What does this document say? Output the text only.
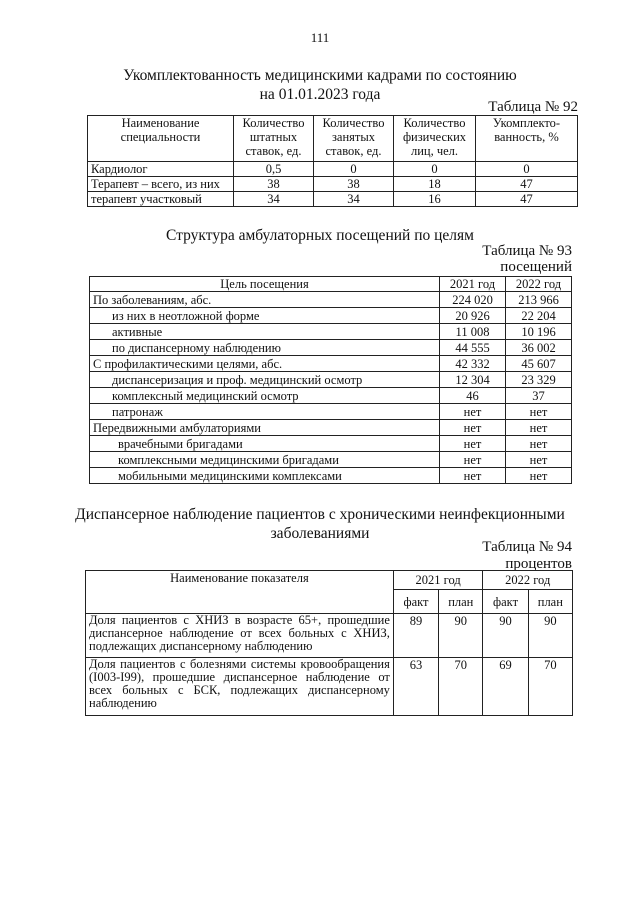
111
Укомплектованность медицинскими кадрами по состоянию
на 01.01.2023 года
Таблица № 92
Наименование специальности	Количество штатных ставок, ед.	Количество занятых ставок, ед.	Количество физических лиц, чел.	Укомплекто-ванность, %
Кардиолог	0,5	0	0	0
Терапевт – всего, из них	38	38	18	47
терапевт участковый	34	34	16	47
Структура амбулаторных посещений по целям
Таблица № 93
посещений
Цель посещения	2021 год	2022 год
По заболеваниям, абс.	224 020	213 966
из них в неотложной форме	20 926	22 204
активные	11 008	10 196
по диспансерному наблюдению	44 555	36 002
С профилактическими целями, абс.	42 332	45 607
диспансеризация и проф. медицинский осмотр	12 304	23 329
комплексный медицинский осмотр	46	37
патронаж	нет	нет
Передвижными амбулаториями	нет	нет
врачебными бригадами	нет	нет
комплексными медицинскими бригадами	нет	нет
мобильными медицинскими комплексами	нет	нет
Диспансерное наблюдение пациентов с хроническими неинфекционными
заболеваниями
Таблица № 94
процентов
Наименование показателя	2021 год		2022 год	
	факт	план	факт	план
Доля пациентов с ХНИЗ в возрасте 65+, прошедшие диспансерное наблюдение от всех больных с ХНИЗ, подлежащих диспансерному наблюдению	89	90	90	90
Доля пациентов с болезнями системы кровообращения (I003-I99), прошедшие диспансерное наблюдение от всех больных с БСК, подлежащих диспансерному наблюдению	63	70	69	70
